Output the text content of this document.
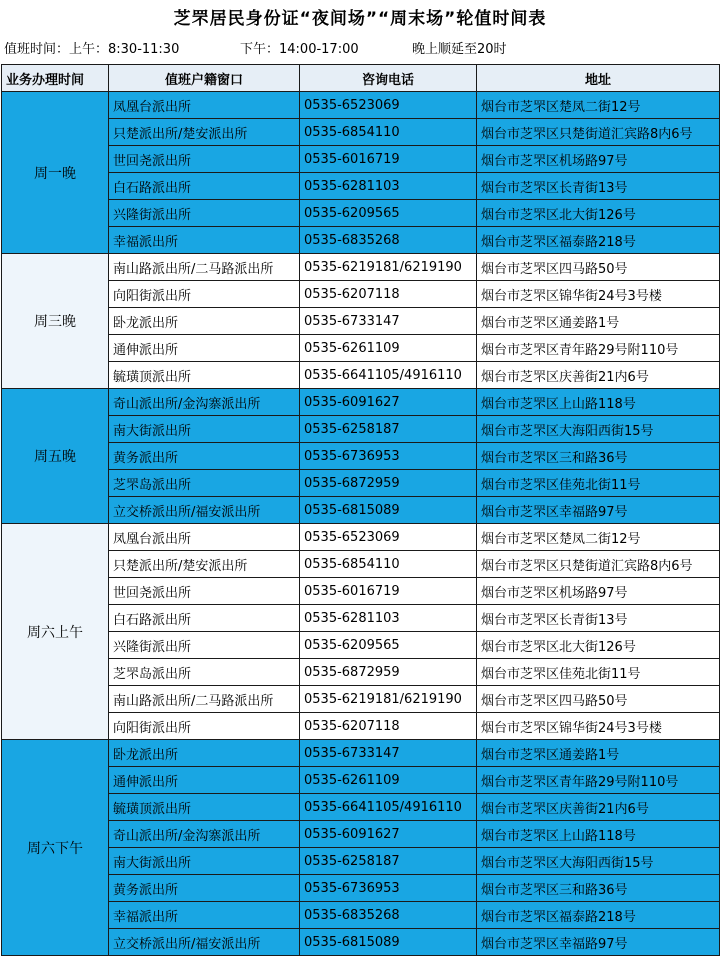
芝罘居民身份证“夜间场”“周末场”轮值时间表
值班时间：上午：8:30-11:30	下午：14:00-17:00	晚上顺延至20时
业务办理时间	值班户籍窗口	咨询电话	地址
周一晚	凤凰台派出所	0535-6523069	烟台市芝罘区楚凤二街12号
	只楚派出所/楚安派出所	0535-6854110	烟台市芝罘区只楚街道汇宾路8内6号
	世回尧派出所	0535-6016719	烟台市芝罘区机场路97号
	白石路派出所	0535-6281103	烟台市芝罘区长青街13号
	兴隆街派出所	0535-6209565	烟台市芝罘区北大街126号
	幸福派出所	0535-6835268	烟台市芝罘区福泰路218号
周三晚	南山路派出所/二马路派出所	0535-6219181/6219190	烟台市芝罘区四马路50号
	向阳街派出所	0535-6207118	烟台市芝罘区锦华街24号3号楼
	卧龙派出所	0535-6733147	烟台市芝罘区通姜路1号
	通伸派出所	0535-6261109	烟台市芝罘区青年路29号附110号
	毓璜顶派出所	0535-6641105/4916110	烟台市芝罘区庆善街21内6号
周五晚	奇山派出所/金沟寨派出所	0535-6091627	烟台市芝罘区上山路118号
	南大街派出所	0535-6258187	烟台市芝罘区大海阳西街15号
	黄务派出所	0535-6736953	烟台市芝罘区三和路36号
	芝罘岛派出所	0535-6872959	烟台市芝罘区佳苑北街11号
	立交桥派出所/福安派出所	0535-6815089	烟台市芝罘区幸福路97号
周六上午	凤凰台派出所	0535-6523069	烟台市芝罘区楚凤二街12号
	只楚派出所/楚安派出所	0535-6854110	烟台市芝罘区只楚街道汇宾路8内6号
	世回尧派出所	0535-6016719	烟台市芝罘区机场路97号
	白石路派出所	0535-6281103	烟台市芝罘区长青街13号
	兴隆街派出所	0535-6209565	烟台市芝罘区北大街126号
	芝罘岛派出所	0535-6872959	烟台市芝罘区佳苑北街11号
	南山路派出所/二马路派出所	0535-6219181/6219190	烟台市芝罘区四马路50号
	向阳街派出所	0535-6207118	烟台市芝罘区锦华街24号3号楼
周六下午	卧龙派出所	0535-6733147	烟台市芝罘区通姜路1号
	通伸派出所	0535-6261109	烟台市芝罘区青年路29号附110号
	毓璜顶派出所	0535-6641105/4916110	烟台市芝罘区庆善街21内6号
	奇山派出所/金沟寨派出所	0535-6091627	烟台市芝罘区上山路118号
	南大街派出所	0535-6258187	烟台市芝罘区大海阳西街15号
	黄务派出所	0535-6736953	烟台市芝罘区三和路36号
	幸福派出所	0535-6835268	烟台市芝罘区福泰路218号
	立交桥派出所/福安派出所	0535-6815089	烟台市芝罘区幸福路97号
